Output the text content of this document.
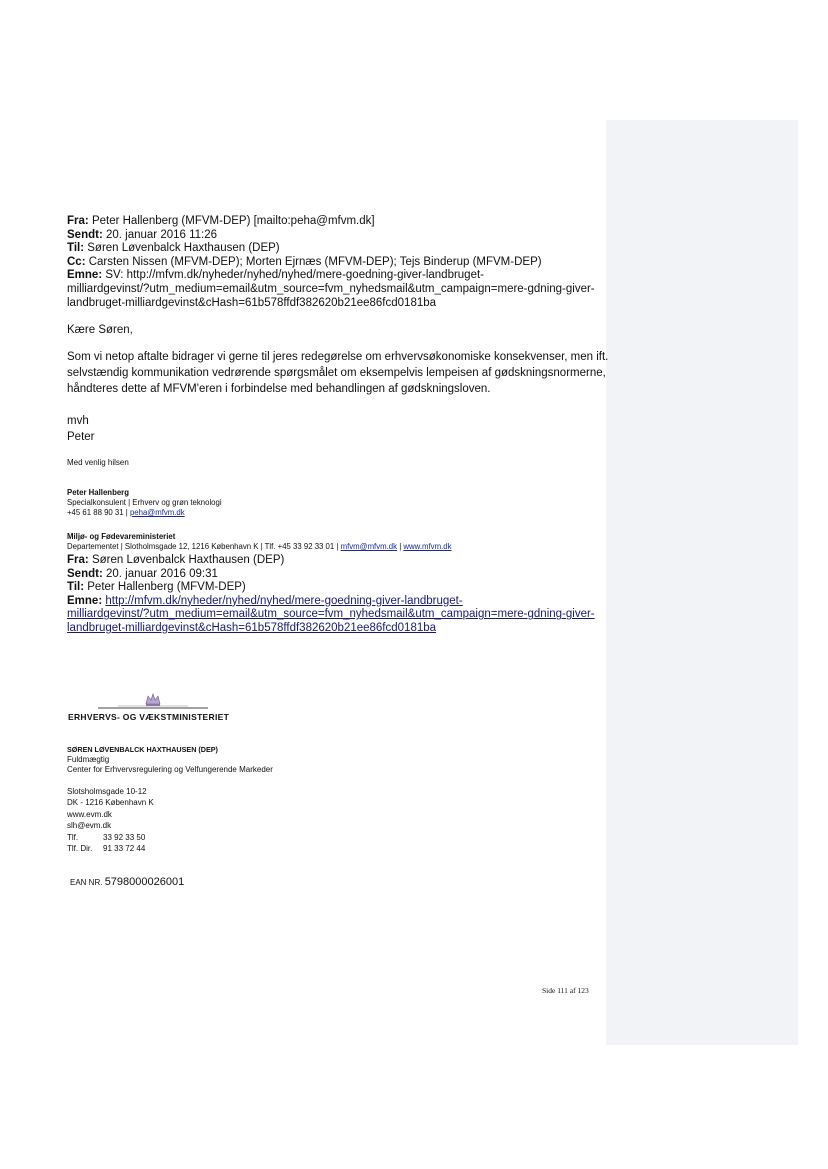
Fra: Peter Hallenberg (MFVM-DEP) [mailto:peha@mfvm.dk]
Sendt: 20. januar 2016 11:26
Til: Søren Løvenbalck Haxthausen (DEP)
Cc: Carsten Nissen (MFVM-DEP); Morten Ejrnæs (MFVM-DEP); Tejs Binderup (MFVM-DEP)
Emne: SV: http://mfvm.dk/nyheder/nyhed/nyhed/mere-goedning-giver-landbruget-
milliardgevinst/?utm_medium=email&utm_source=fvm_nyhedsmail&utm_campaign=mere-gdning-giver-
landbruget-milliardgevinst&cHash=61b578ffdf382620b21ee86fcd0181ba
Kære Søren,
Som vi netop aftalte bidrager vi gerne til jeres redegørelse om erhvervsøkonomiske konsekvenser, men ift.
selvstændig kommunikation vedrørende spørgsmålet om eksempelvis lempeisen af gødskningsnormerne,
håndteres dette af MFVM'eren i forbindelse med behandlingen af gødskningsloven.
mvh
Peter
Med venlig hilsen
Peter Hallenberg
Specialkonsulent | Erhverv og grøn teknologi
+45 61 88 90 31 | peha@mfvm.dk
Miljø- og Fødevareministeriet
Departementet | Slotholmsgade 12, 1216 København K | Tlf. +45 33 92 33 01 | mfvm@mfvm.dk | www.mfvm.dk
Fra: Søren Løvenbalck Haxthausen (DEP)
Sendt: 20. januar 2016 09:31
Til: Peter Hallenberg (MFVM-DEP)
Emne: http://mfvm.dk/nyheder/nyhed/nyhed/mere-goedning-giver-landbruget-
milliardgevinst/?utm_medium=email&utm_source=fvm_nyhedsmail&utm_campaign=mere-gdning-giver-
landbruget-milliardgevinst&cHash=61b578ffdf382620b21ee86fcd0181ba
ERHVERVS- OG VÆKSTMINISTERIET
SØREN LØVENBALCK HAXTHAUSEN (DEP)
Fuldmægtig
Center for Erhvervsregulering og Velfungerende Markeder
Slotsholmsgade 10-12
DK - 1216 København K
www.evm.dk
slh@evm.dk
Tlf.	33 92 33 50
Tlf. Dir.	91 33 72 44
EAN NR. 5798000026001
Side 111 af 123
